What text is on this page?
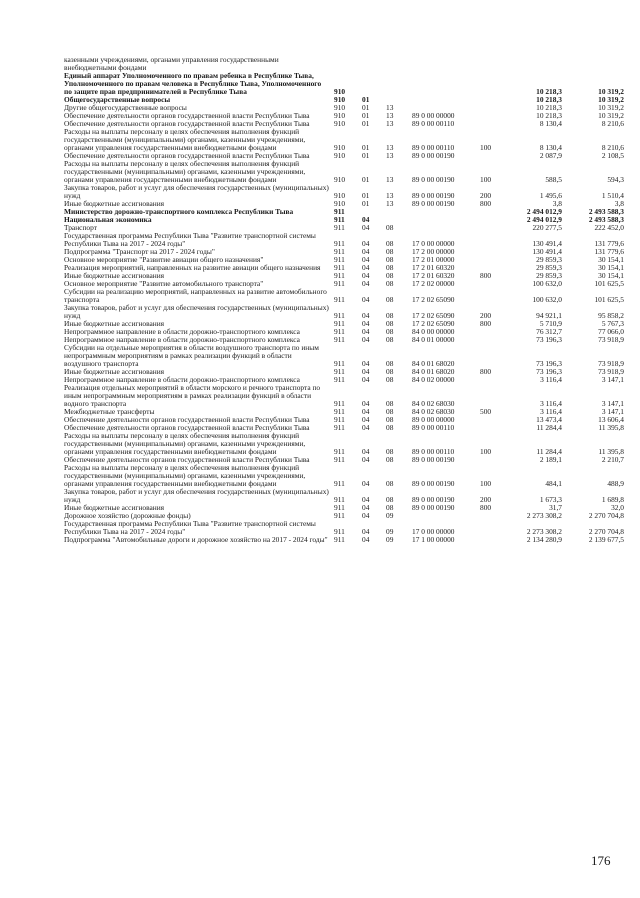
казенными учреждениями, органами управления государственными внебюджетными фондами							
Единый аппарат Уполномоченного по правам ребенка в Республике Тыва, Уполномоченного по правам человека в Республике Тыва, Уполномоченного по защите прав предпринимателей в Республике Тыва	910					10 218,3	10 319,2
Общегосударственные вопросы	910	01				10 218,3	10 319,2
Другие общегосударственные вопросы	910	01	13			10 218,3	10 319,2
Обеспечение деятельности органов государственной власти Республики Тыва	910	01	13	89 0 00 00000		10 218,3	10 319,2
Обеспечение деятельности органов государственной власти Республики Тыва	910	01	13	89 0 00 00110		8 130,4	8 210,6
Расходы на выплаты персоналу в целях обеспечения выполнения функций государственными (муниципальными) органами, казенными учреждениями, органами управления государственными внебюджетными фондами	910	01	13	89 0 00 00110	100	8 130,4	8 210,6
Обеспечение деятельности органов государственной власти Республики Тыва	910	01	13	89 0 00 00190		2 087,9	2 108,5
Расходы на выплаты персоналу в целях обеспечения выполнения функций государственными (муниципальными) органами, казенными учреждениями, органами управления государственными внебюджетными фондами	910	01	13	89 0 00 00190	100	588,5	594,3
Закупка товаров, работ и услуг для обеспечения государственных (муниципальных) нужд	910	01	13	89 0 00 00190	200	1 495,6	1 510,4
Иные бюджетные ассигнования	910	01	13	89 0 00 00190	800	3,8	3,8
Министерство дорожно-транспортного комплекса Республики Тыва	911					2 494 012,9	2 493 588,3
Национальная экономика	911	04				2 494 012,9	2 493 588,3
Транспорт	911	04	08			220 277,5	222 452,0
Государственная программа Республики Тыва "Развитие транспортной системы Республики Тыва на 2017 - 2024 годы"	911	04	08	17 0 00 00000		130 491,4	131 779,6
Подпрограмма "Транспорт на 2017 - 2024 годы"	911	04	08	17 2 00 00000		130 491,4	131 779,6
Основное мероприятие "Развитие авиации общего назначения"	911	04	08	17 2 01 00000		29 859,3	30 154,1
Реализация мероприятий, направленных на развитие авиации общего назначения	911	04	08	17 2 01 60320		29 859,3	30 154,1
Иные бюджетные ассигнования	911	04	08	17 2 01 60320	800	29 859,3	30 154,1
Основное мероприятие "Развитие автомобильного транспорта"	911	04	08	17 2 02 00000		100 632,0	101 625,5
Субсидии на реализацию мероприятий, направленных на развитие автомобильного транспорта	911	04	08	17 2 02 65090		100 632,0	101 625,5
Закупка товаров, работ и услуг для обеспечения государственных (муниципальных) нужд	911	04	08	17 2 02 65090	200	94 921,1	95 858,2
Иные бюджетные ассигнования	911	04	08	17 2 02 65090	800	5 710,9	5 767,3
Непрограммное направление в области дорожно-транспортного комплекса	911	04	08	84 0 00 00000		76 312,7	77 066,0
Непрограммное направление в области дорожно-транспортного комплекса	911	04	08	84 0 01 00000		73 196,3	73 918,9
Субсидии на отдельные мероприятия в области воздушного транспорта по иным непрограммным мероприятиям в рамках реализации функций в области воздушного транспорта	911	04	08	84 0 01 68020		73 196,3	73 918,9
Иные бюджетные ассигнования	911	04	08	84 0 01 68020	800	73 196,3	73 918,9
Непрограммное направление в области дорожно-транспортного комплекса	911	04	08	84 0 02 00000		3 116,4	3 147,1
Реализация отдельных мероприятий в области морского и речного транспорта по иным непрограммным мероприятиям в рамках реализации функций в области водного транспорта	911	04	08	84 0 02 68030		3 116,4	3 147,1
Межбюджетные трансферты	911	04	08	84 0 02 68030	500	3 116,4	3 147,1
Обеспечение деятельности органов государственной власти Республики Тыва	911	04	08	89 0 00 00000		13 473,4	13 606,4
Обеспечение деятельности органов государственной власти Республики Тыва	911	04	08	89 0 00 00110		11 284,4	11 395,8
Расходы на выплаты персоналу в целях обеспечения выполнения функций государственными (муниципальными) органами, казенными учреждениями, органами управления государственными внебюджетными фондами	911	04	08	89 0 00 00110	100	11 284,4	11 395,8
Обеспечение деятельности органов государственной власти Республики Тыва	911	04	08	89 0 00 00190		2 189,1	2 210,7
Расходы на выплаты персоналу в целях обеспечения выполнения функций государственными (муниципальными) органами, казенными учреждениями, органами управления государственными внебюджетными фондами	911	04	08	89 0 00 00190	100	484,1	488,9
Закупка товаров, работ и услуг для обеспечения государственных (муниципальных) нужд	911	04	08	89 0 00 00190	200	1 673,3	1 689,8
Иные бюджетные ассигнования	911	04	08	89 0 00 00190	800	31,7	32,0
Дорожное хозяйство (дорожные фонды)	911	04	09			2 273 308,2	2 270 704,8
Государственная программа Республики Тыва "Развитие транспортной системы Республики Тыва на 2017 - 2024 годы"	911	04	09	17 0 00 00000		2 273 308,2	2 270 704,8
Подпрограмма "Автомобильные дороги и дорожное хозяйство на 2017 - 2024 годы"	911	04	09	17 1 00 00000		2 134 280,9	2 139 677,5
176
